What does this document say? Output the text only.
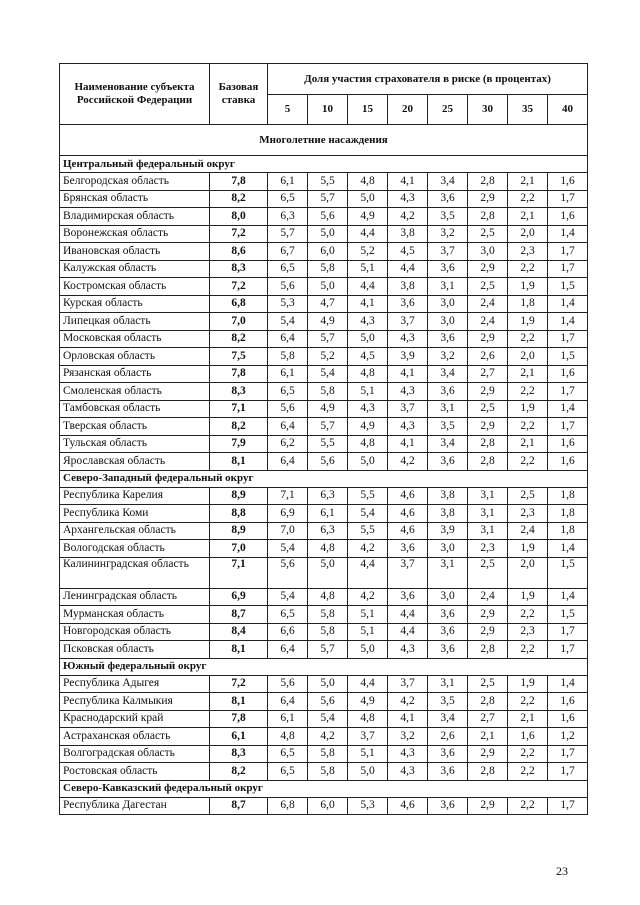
Наименование субъекта Российской Федерации	Базовая ставка	Доля участия страхователя в риске (в процентах)							
		5	10	15	20	25	30	35	40
Многолетние насаждения									
Центральный федеральный округ									
Белгородская область	7,8	6,1	5,5	4,8	4,1	3,4	2,8	2,1	1,6
Брянская область	8,2	6,5	5,7	5,0	4,3	3,6	2,9	2,2	1,7
Владимирская область	8,0	6,3	5,6	4,9	4,2	3,5	2,8	2,1	1,6
Воронежская область	7,2	5,7	5,0	4,4	3,8	3,2	2,5	2,0	1,4
Ивановская область	8,6	6,7	6,0	5,2	4,5	3,7	3,0	2,3	1,7
Калужская область	8,3	6,5	5,8	5,1	4,4	3,6	2,9	2,2	1,7
Костромская область	7,2	5,6	5,0	4,4	3,8	3,1	2,5	1,9	1,5
Курская область	6,8	5,3	4,7	4,1	3,6	3,0	2,4	1,8	1,4
Липецкая область	7,0	5,4	4,9	4,3	3,7	3,0	2,4	1,9	1,4
Московская область	8,2	6,4	5,7	5,0	4,3	3,6	2,9	2,2	1,7
Орловская область	7,5	5,8	5,2	4,5	3,9	3,2	2,6	2,0	1,5
Рязанская область	7,8	6,1	5,4	4,8	4,1	3,4	2,7	2,1	1,6
Смоленская область	8,3	6,5	5,8	5,1	4,3	3,6	2,9	2,2	1,7
Тамбовская область	7,1	5,6	4,9	4,3	3,7	3,1	2,5	1,9	1,4
Тверская область	8,2	6,4	5,7	4,9	4,3	3,5	2,9	2,2	1,7
Тульская область	7,9	6,2	5,5	4,8	4,1	3,4	2,8	2,1	1,6
Ярославская область	8,1	6,4	5,6	5,0	4,2	3,6	2,8	2,2	1,6
Северо-Западный федеральный округ									
Республика Карелия	8,9	7,1	6,3	5,5	4,6	3,8	3,1	2,5	1,8
Республика Коми	8,8	6,9	6,1	5,4	4,6	3,8	3,1	2,3	1,8
Архангельская область	8,9	7,0	6,3	5,5	4,6	3,9	3,1	2,4	1,8
Вологодская область	7,0	5,4	4,8	4,2	3,6	3,0	2,3	1,9	1,4
Калининградская область	7,1	5,6	5,0	4,4	3,7	3,1	2,5	2,0	1,5
Ленинградская область	6,9	5,4	4,8	4,2	3,6	3,0	2,4	1,9	1,4
Мурманская область	8,7	6,5	5,8	5,1	4,4	3,6	2,9	2,2	1,5
Новгородская область	8,4	6,6	5,8	5,1	4,4	3,6	2,9	2,3	1,7
Псковская область	8,1	6,4	5,7	5,0	4,3	3,6	2,8	2,2	1,7
Южный федеральный округ									
Республика Адыгея	7,2	5,6	5,0	4,4	3,7	3,1	2,5	1,9	1,4
Республика Калмыкия	8,1	6,4	5,6	4,9	4,2	3,5	2,8	2,2	1,6
Краснодарский край	7,8	6,1	5,4	4,8	4,1	3,4	2,7	2,1	1,6
Астраханская область	6,1	4,8	4,2	3,7	3,2	2,6	2,1	1,6	1,2
Волгоградская область	8,3	6,5	5,8	5,1	4,3	3,6	2,9	2,2	1,7
Ростовская область	8,2	6,5	5,8	5,0	4,3	3,6	2,8	2,2	1,7
Северо-Кавказский федеральный округ									
Республика Дагестан	8,7	6,8	6,0	5,3	4,6	3,6	2,9	2,2	1,7
23
